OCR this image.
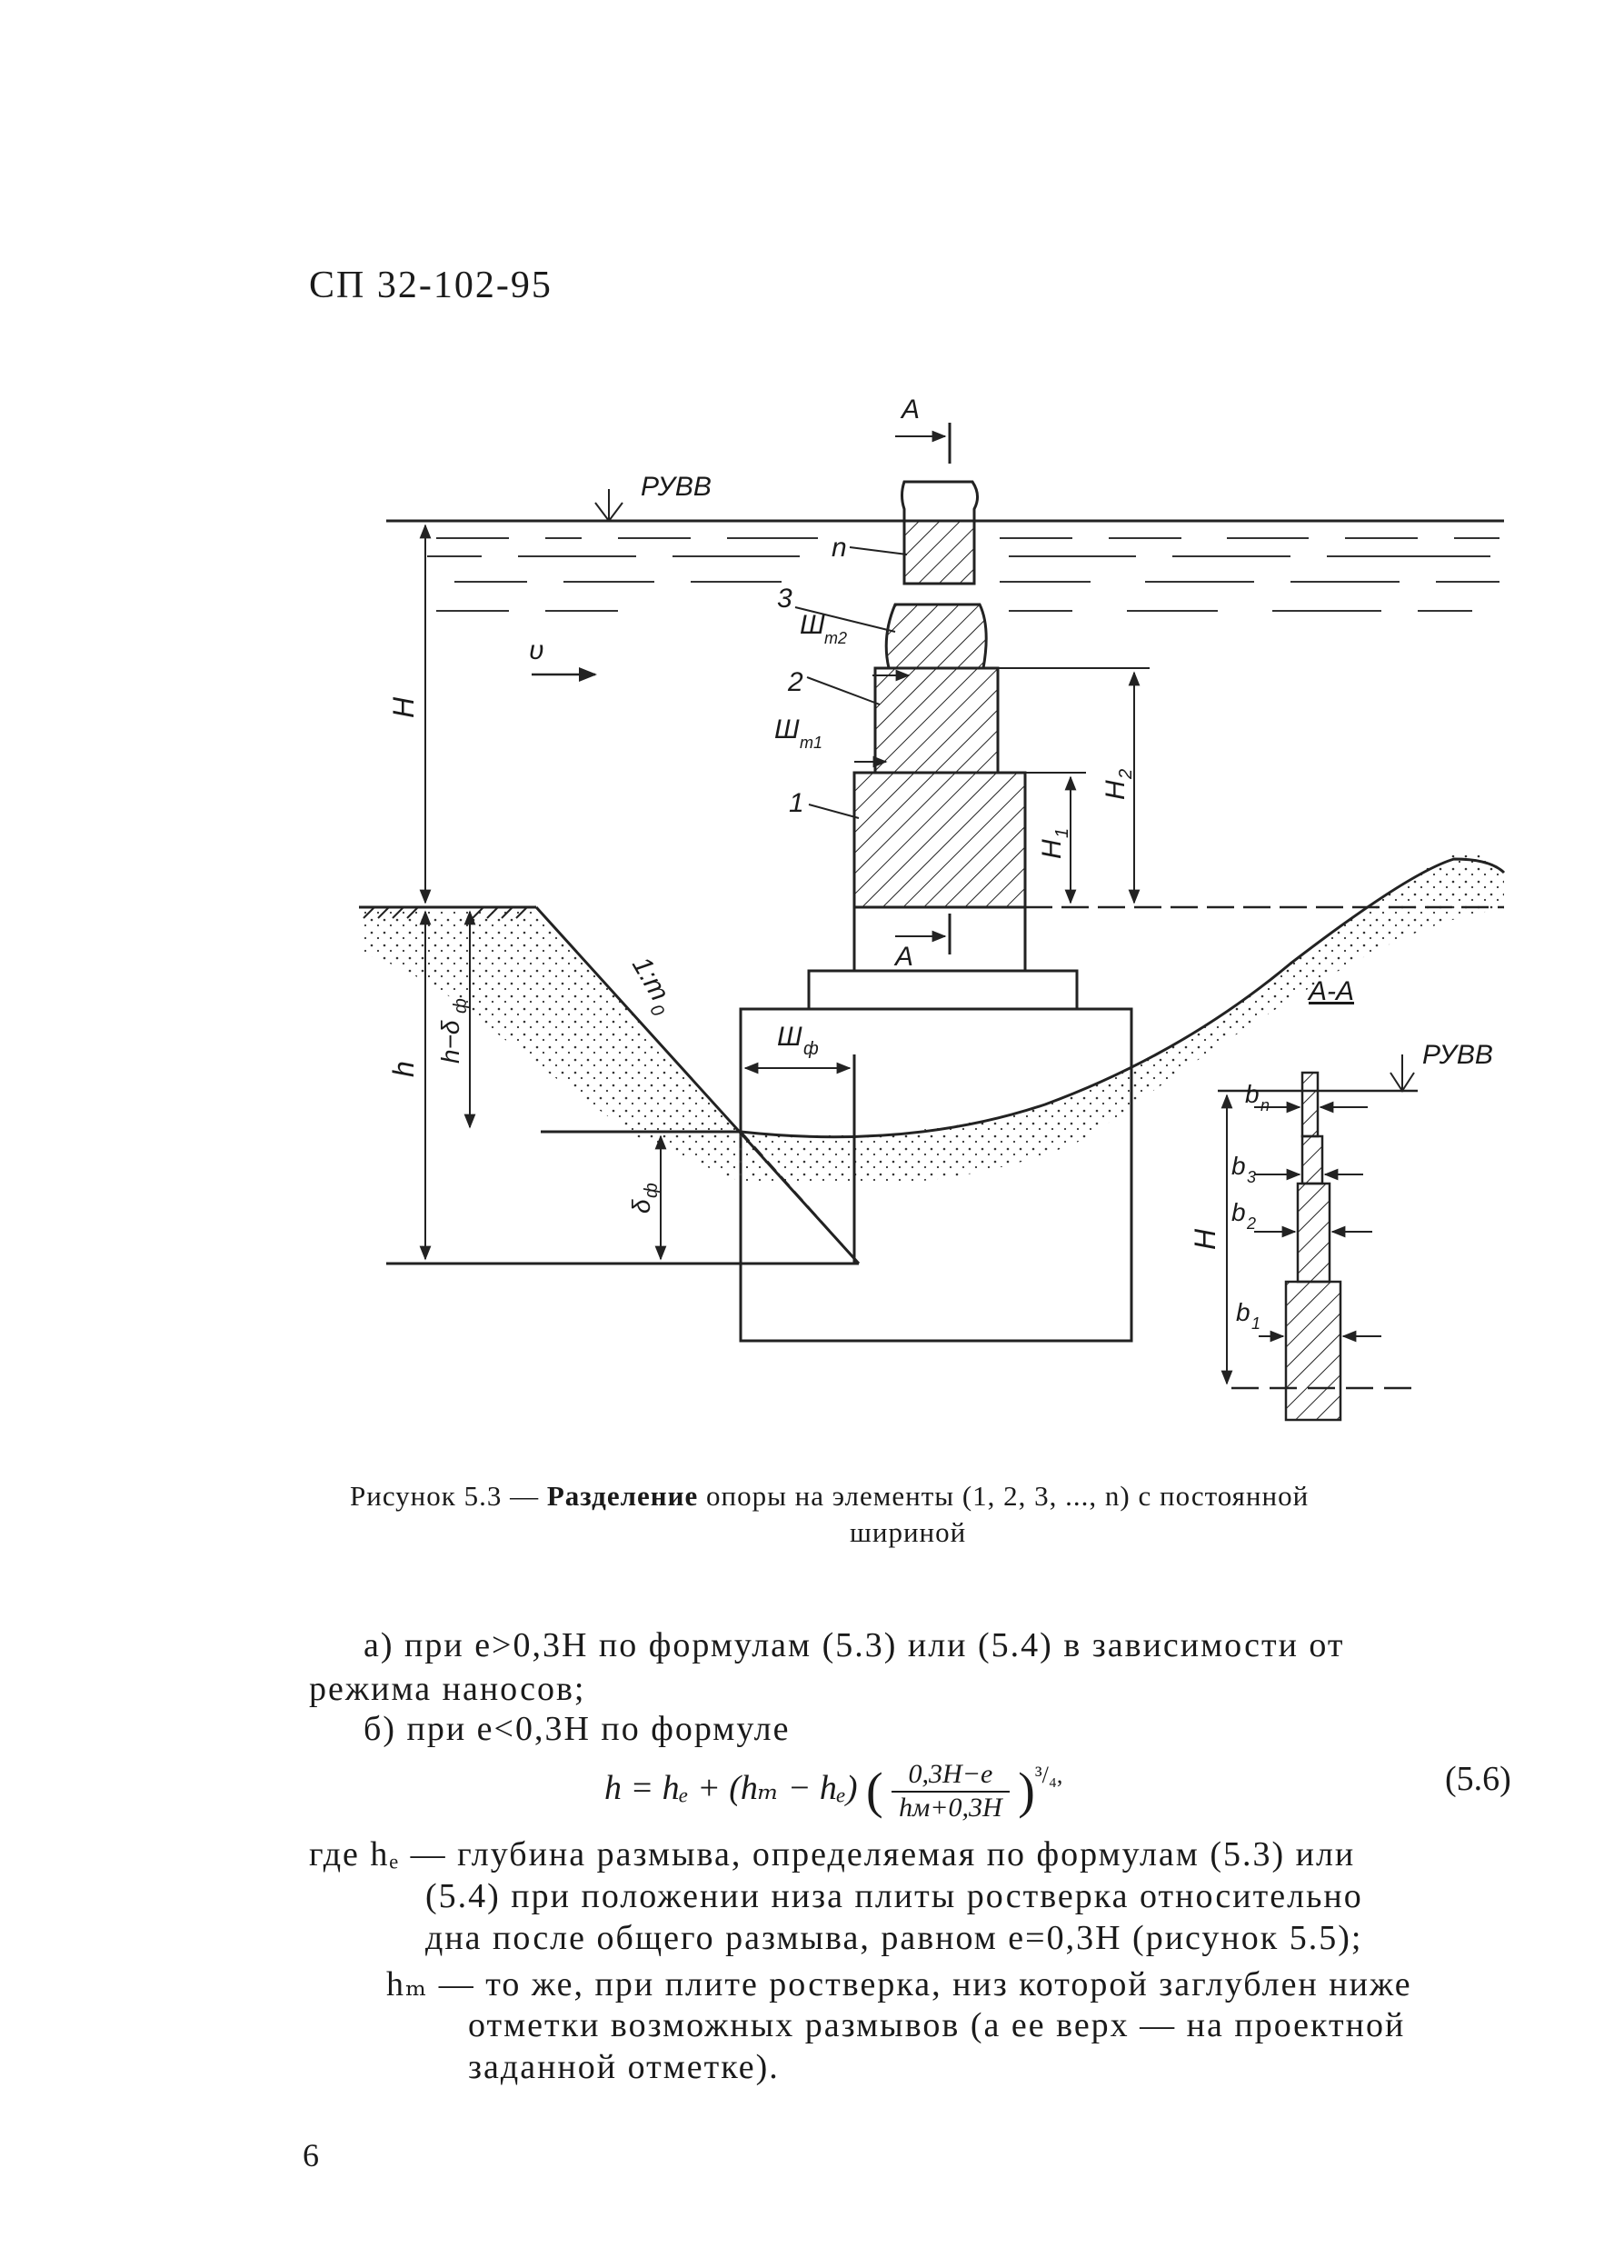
СП 32-102-95
РУВВ
А
А
υ
H
h
h−δ
ф
δ
ф
H
1
H
2
1:m
0
Ш т2
Ш т1
Ш ф
n
3
2
1
А-А
РУВВ
H
b n
b 3
b 2
b 1
Рисунок 5.3 — Разделение опоры на элементы (1, 2, 3, ..., n) с постоянной
шириной
а) при e>0,3H по формулам (5.3) или (5.4) в зависимости от
режима наносов;
б) при e<0,3H по формуле
h = hₑ + (hₘ − hₑ) ( $\frac{0,3H-e}{hм+0,3H} )^{^3/_4,}$	(5.6)
где hₑ — глубина размыва, определяемая по формулам (5.3) или
(5.4) при положении низа плиты ростверка относительно
дна после общего размыва, равном e=0,3H (рисунок 5.5);
hₘ — то же, при плите ростверка, низ которой заглублен ниже
отметки возможных размывов (а ее верх — на проектной
заданной отметке).
6
